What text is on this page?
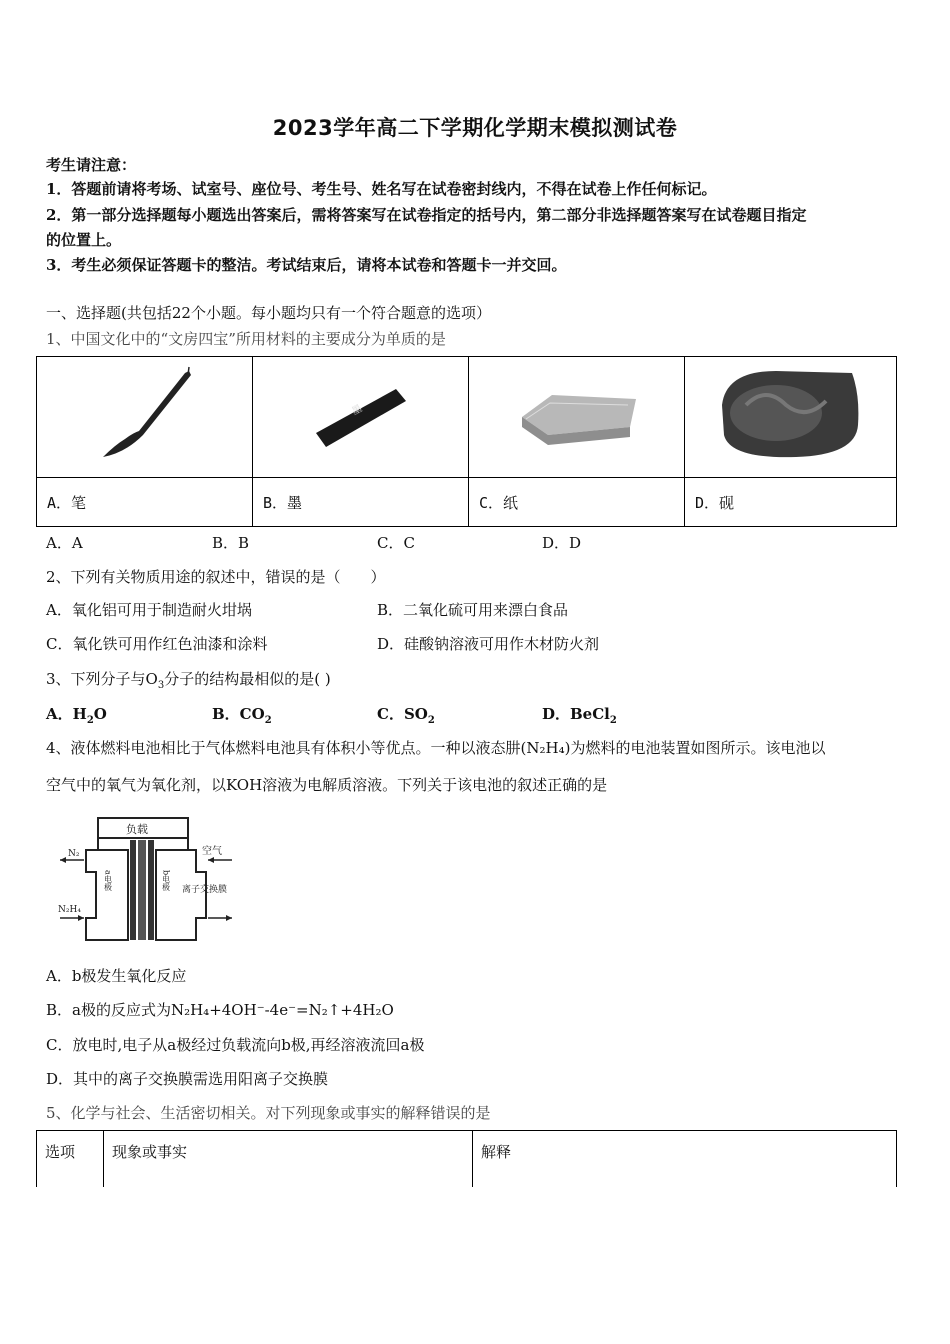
2023学年高二下学期化学期末模拟测试卷
考生请注意：
1．答题前请将考场、试室号、座位号、考生号、姓名写在试卷密封线内，不得在试卷上作任何标记。
2．第一部分选择题每小题选出答案后，需将答案写在试卷指定的括号内，第二部分非选择题答案写在试卷题目指定
的位置上。
3．考生必须保证答题卡的整洁。考试结束后，请将本试卷和答题卡一并交回。
一、选择题(共包括22个小题。每小题均只有一个符合题意的选项）
1、中国文化中的“文房四宝”所用材料的主要成分为单质的是

墨

A．笔	B．墨	C．纸	D．砚
A．A	C．C
B．B	D．D
2、下列有关物质用途的叙述中，错误的是（　　）
A．氧化铝可用于制造耐火坩埚	B．二氧化硫可用来漂白食品
C．氧化铁可用作红色油漆和涂料	D．硅酸钠溶液可用作木材防火剂
3、下列分子与$O_3$分子的结构最相似的是( )
A．$H_2O$	B．$CO_2$	C．$SO_2$	D．BeCl$_2$
4、液体燃料电池相比于气体燃料电池具有体积小等优点。一种以液态肼(N₂H₄)为燃料的电池装置如图所示。该电池以
空气中的氧气为氧化剂，以KOH溶液为电解质溶液。下列关于该电池的叙述正确的是
负载
N₂
N₂H₄
空气
a电极	b电极 离子交换膜
A．b极发生氧化反应
B．a极的反应式为N₂H₄+4OH⁻-4e⁻=N₂↑+4H₂O
C．放电时,电子从a极经过负载流向b极,再经溶液流回a极
D．其中的离子交换膜需选用阳离子交换膜
5、化学与社会、生活密切相关。对下列现象或事实的解释错误的是
选项	现象或事实	解释
